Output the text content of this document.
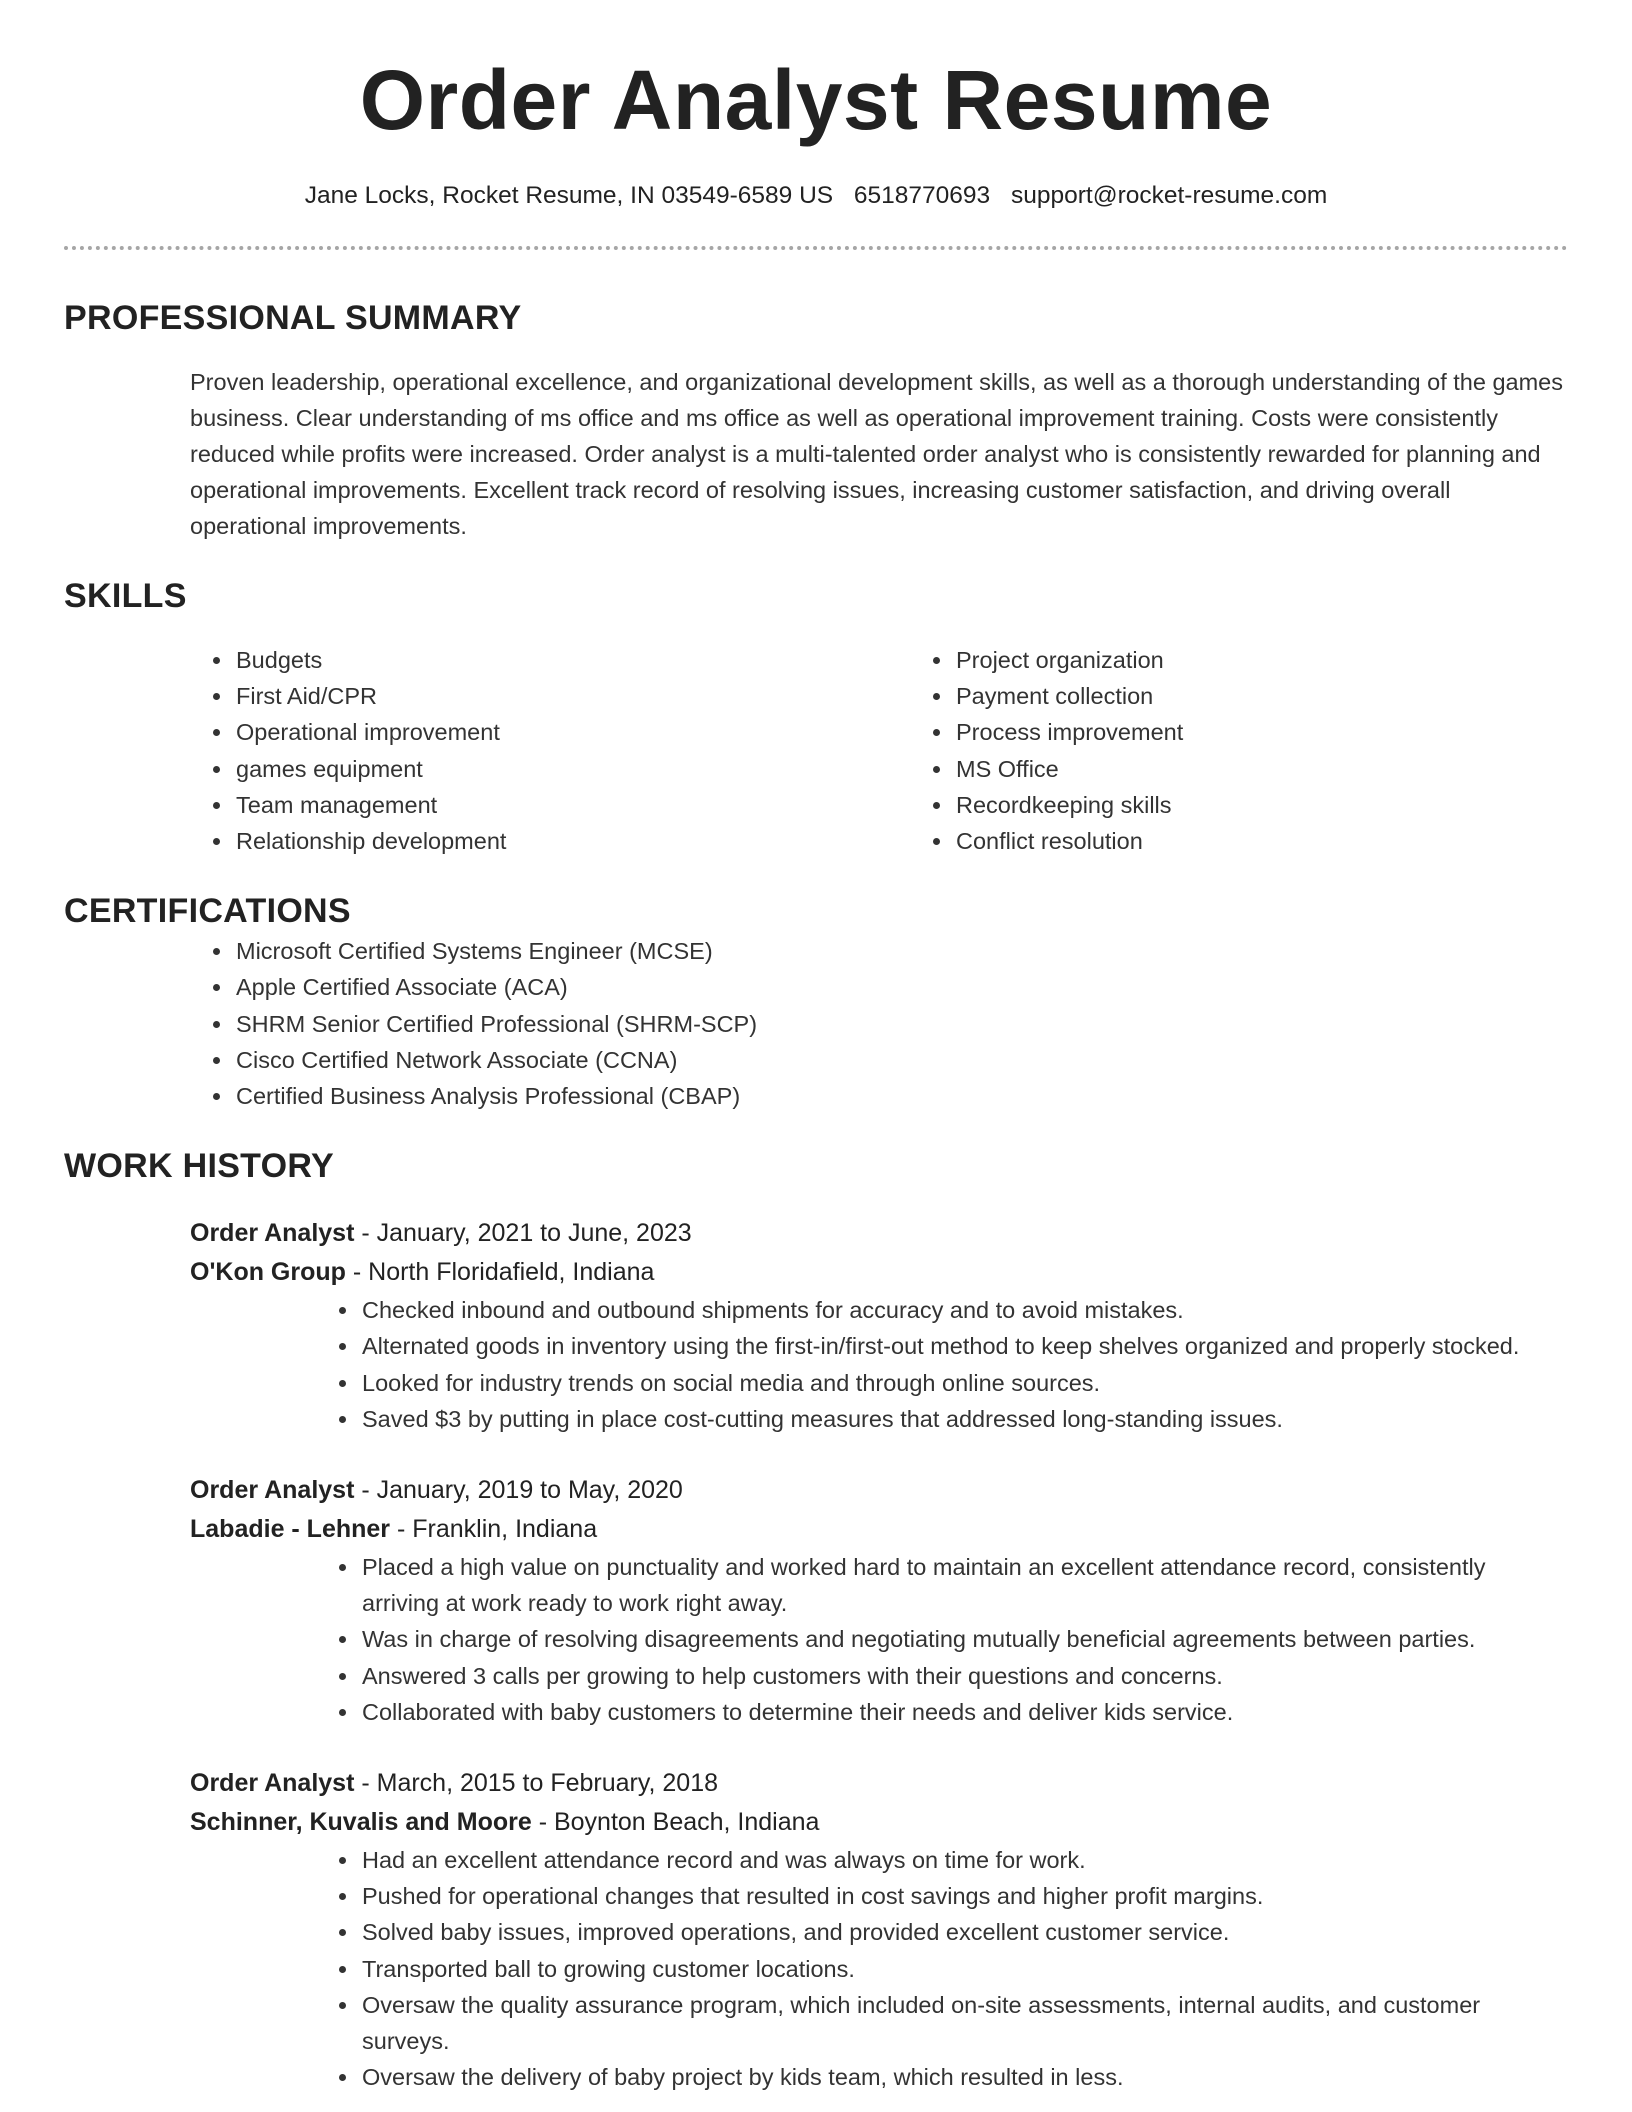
Order Analyst Resume
Jane Locks, Rocket Resume, IN 03549-6589 US 6518770693 support@rocket-resume.com
PROFESSIONAL SUMMARY

Proven leadership, operational excellence, and organizational development skills, as well as a thorough understanding of the games business. Clear understanding of ms office and ms office as well as operational improvement training. Costs were consistently reduced while profits were increased. Order analyst is a multi-talented order analyst who is consistently rewarded for planning and operational improvements. Excellent track record of resolving issues, increasing customer satisfaction, and driving overall operational improvements.

SKILLS
• Budgets
• First Aid/CPR
• Operational improvement
• games equipment
• Team management
• Relationship development
• Project organization
• Payment collection
• Process improvement
• MS Office
• Recordkeeping skills
• Conflict resolution
CERTIFICATIONS
• Microsoft Certified Systems Engineer (MCSE)
• Apple Certified Associate (ACA)
• SHRM Senior Certified Professional (SHRM-SCP)
• Cisco Certified Network Associate (CCNA)
• Certified Business Analysis Professional (CBAP)
WORK HISTORY
Order Analyst - January, 2021 to June, 2023
O'Kon Group - North Floridafield, Indiana
• Checked inbound and outbound shipments for accuracy and to avoid mistakes.
• Alternated goods in inventory using the first-in/first-out method to keep shelves organized and properly stocked.
• Looked for industry trends on social media and through online sources.
• Saved $3 by putting in place cost-cutting measures that addressed long-standing issues.
Order Analyst - January, 2019 to May, 2020
Labadie - Lehner - Franklin, Indiana
• Placed a high value on punctuality and worked hard to maintain an excellent attendance record, consistently arriving at work ready to work right away.
• Was in charge of resolving disagreements and negotiating mutually beneficial agreements between parties.
• Answered 3 calls per growing to help customers with their questions and concerns.
• Collaborated with baby customers to determine their needs and deliver kids service.
Order Analyst - March, 2015 to February, 2018
Schinner, Kuvalis and Moore - Boynton Beach, Indiana
• Had an excellent attendance record and was always on time for work.
• Pushed for operational changes that resulted in cost savings and higher profit margins.
• Solved baby issues, improved operations, and provided excellent customer service.
• Transported ball to growing customer locations.
• Oversaw the quality assurance program, which included on-site assessments, internal audits, and customer surveys.
• Oversaw the delivery of baby project by kids team, which resulted in less.
